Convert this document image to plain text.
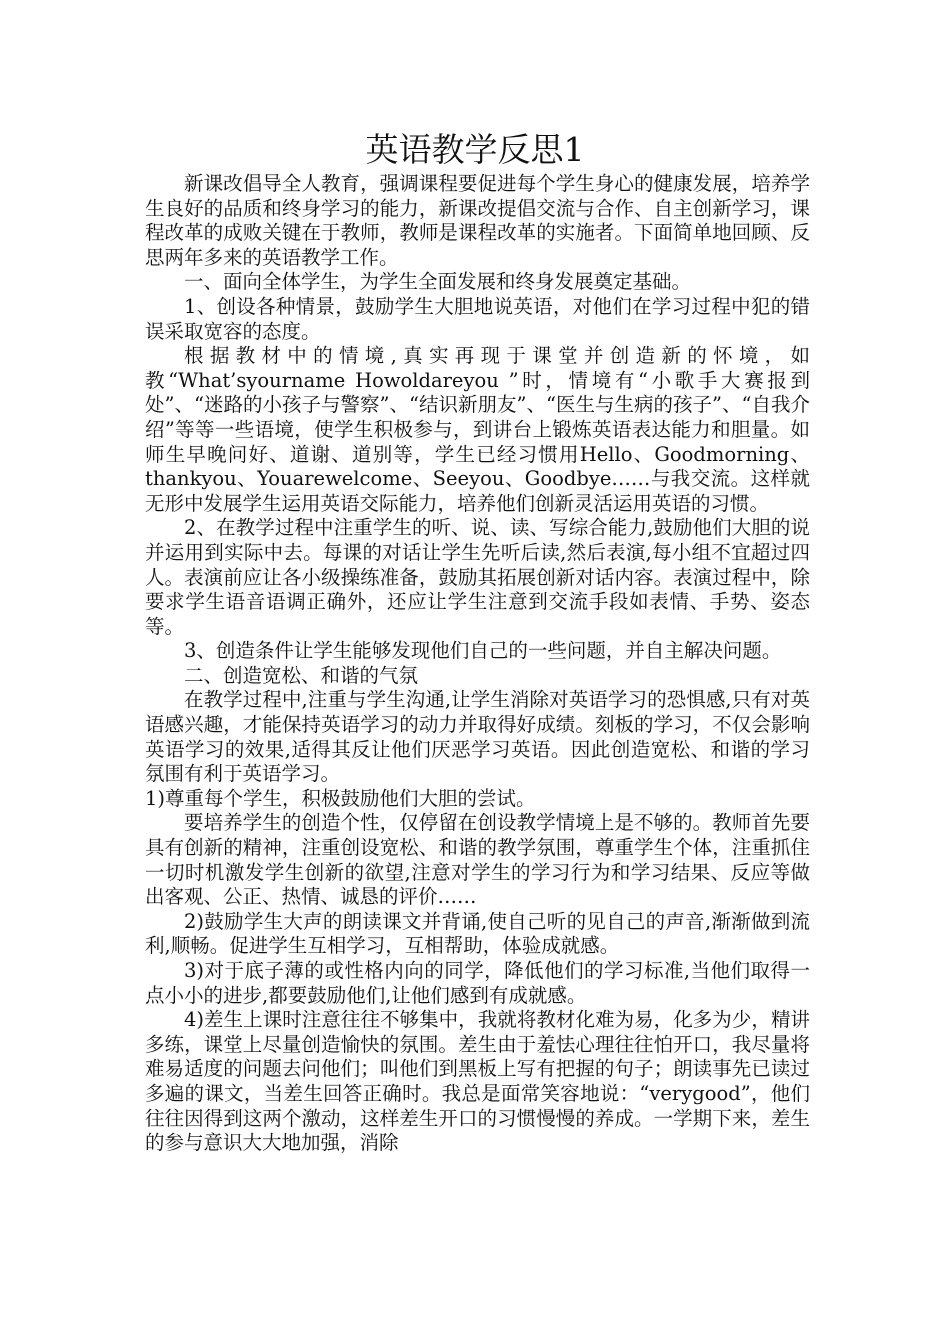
英语教学反思1

新课改倡导全人教育，强调课程要促进每个学生身心的健康发展，培养学生良好的品质和终身学习的能力，新课改提倡交流与合作、自主创新学习，课程改革的成败关键在于教师，教师是课程改革的实施者。下面简单地回顾、反思两年多来的英语教学工作。

一、面向全体学生，为学生全面发展和终身发展奠定基础。

1、创设各种情景，鼓励学生大胆地说英语，对他们在学习过程中犯的错误采取宽容的态度。

根据教材中的情境,真实再现于课堂并创造新的怀境，如教“What’syourname Howoldareyou ”时，情境有“小歌手大赛报到处”、“迷路的小孩子与警察”、“结识新朋友”、“医生与生病的孩子”、“自我介绍”等等一些语境，使学生积极参与，到讲台上锻炼英语表达能力和胆量。如师生早晚问好、道谢、道别等，学生已经习惯用Hello、Goodmorning、thankyou、Youarewelcome、Seeyou、Goodbye……与我交流。这样就无形中发展学生运用英语交际能力，培养他们创新灵活运用英语的习惯。

2、在教学过程中注重学生的听、说、读、写综合能力,鼓励他们大胆的说并运用到实际中去。每课的对话让学生先听后读,然后表演,每小组不宜超过四人。表演前应让各小级操练准备，鼓励其拓展创新对话内容。表演过程中，除要求学生语音语调正确外，还应让学生注意到交流手段如表情、手势、姿态等。

3、创造条件让学生能够发现他们自己的一些问题，并自主解决问题。

二、创造宽松、和谐的气氛

在教学过程中,注重与学生沟通,让学生消除对英语学习的恐惧感,只有对英语感兴趣，才能保持英语学习的动力并取得好成绩。刻板的学习，不仅会影响英语学习的效果,适得其反让他们厌恶学习英语。因此创造宽松、和谐的学习氛围有利于英语学习。

1)尊重每个学生，积极鼓励他们大胆的尝试。

要培养学生的创造个性，仅停留在创设教学情境上是不够的。教师首先要具有创新的精神，注重创设宽松、和谐的教学氛围，尊重学生个体，注重抓住一切时机激发学生创新的欲望,注意对学生的学习行为和学习结果、反应等做出客观、公正、热情、诚恳的评价……

2)鼓励学生大声的朗读课文并背诵,使自己听的见自己的声音,渐渐做到流利,顺畅。促进学生互相学习，互相帮助，体验成就感。

3)对于底子薄的或性格内向的同学，降低他们的学习标准,当他们取得一点小小的进步,都要鼓励他们,让他们感到有成就感。

4)差生上课时注意往往不够集中，我就将教材化难为易，化多为少，精讲多练，课堂上尽量创造愉快的氛围。差生由于羞怯心理往往怕开口，我尽量将难易适度的问题去问他们；叫他们到黑板上写有把握的句子；朗读事先已读过多遍的课文，当差生回答正确时。我总是面常笑容地说：“verygood”，他们往往因得到这两个激动，这样差生开口的习惯慢慢的养成。一学期下来，差生的参与意识大大地加强，消除
